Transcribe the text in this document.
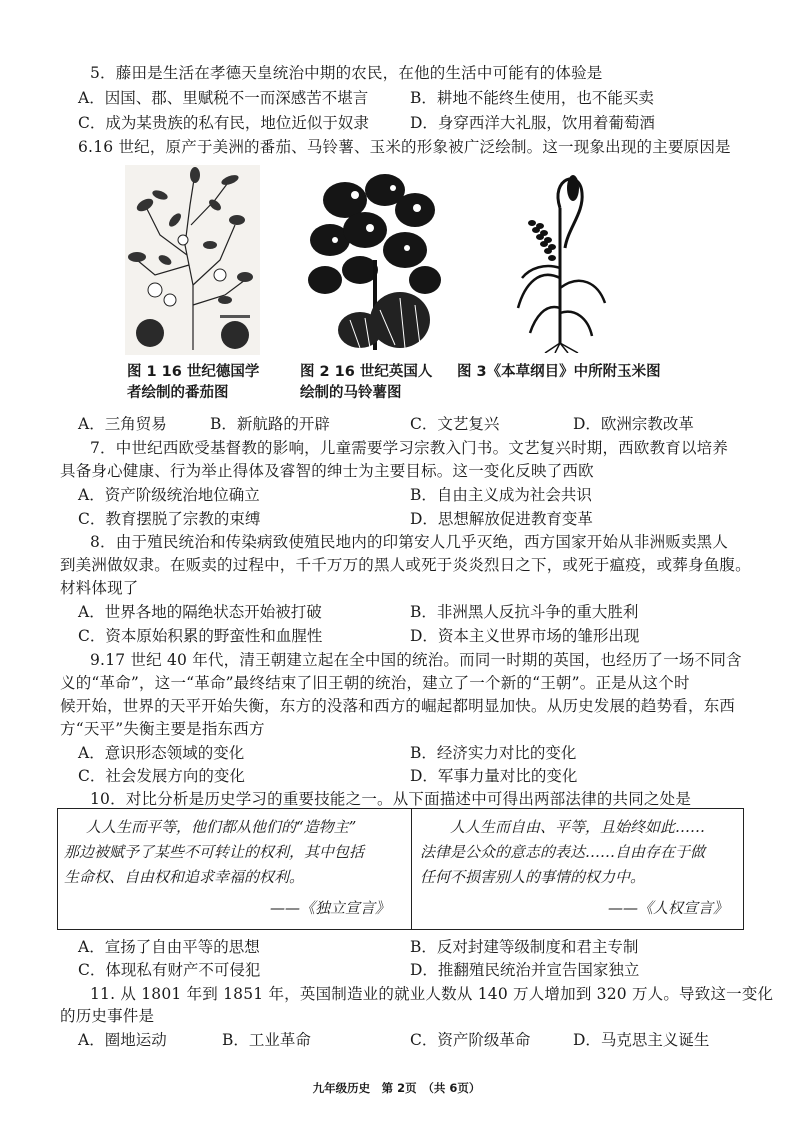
5．藤田是生活在孝德天皇统治中期的农民，在他的生活中可能有的体验是
A．因国、郡、里赋税不一而深感苦不堪言	B．耕地不能终生使用，也不能买卖
C．成为某贵族的私有民，地位近似于奴隶	D．身穿西洋大礼服，饮用着葡萄酒
6.16 世纪，原产于美洲的番茄、马铃薯、玉米的形象被广泛绘制。这一现象出现的主要原因是
图 1 16 世纪德国学
者绘制的番茄图
图 2 16 世纪英国人
绘制的马铃薯图
图 3《本草纲目》中所附玉米图
A．三角贸易	B．新航路的开辟	C．文艺复兴	D．欧洲宗教改革
7．中世纪西欧受基督教的影响，儿童需要学习宗教入门书。文艺复兴时期，西欧教育以培养
具备身心健康、行为举止得体及睿智的绅士为主要目标。这一变化反映了西欧
A．资产阶级统治地位确立	B．自由主义成为社会共识
C．教育摆脱了宗教的束缚	D．思想解放促进教育变革
8．由于殖民统治和传染病致使殖民地内的印第安人几乎灭绝，西方国家开始从非洲贩卖黑人
到美洲做奴隶。在贩卖的过程中，千千万万的黑人或死于炎炎烈日之下，或死于瘟疫，或葬身鱼腹。
材料体现了
A．世界各地的隔绝状态开始被打破	B．非洲黑人反抗斗争的重大胜利
C．资本原始积累的野蛮性和血腥性	D．资本主义世界市场的雏形出现
9.17 世纪 40 年代，清王朝建立起在全中国的统治。而同一时期的英国，也经历了一场不同含
义的“革命”，这一“革命”最终结束了旧王朝的统治，建立了一个新的“王朝”。正是从这个时
候开始，世界的天平开始失衡，东方的没落和西方的崛起都明显加快。从历史发展的趋势看，东西
方“天平”失衡主要是指东西方
A．意识形态领域的变化	B．经济实力对比的变化
C．社会发展方向的变化	D．军事力量对比的变化
10．对比分析是历史学习的重要技能之一。从下面描述中可得出两部法律的共同之处是
人人生而平等，他们都从他们的“造物主”
那边被赋予了某些不可转让的权利，其中包括
生命权、自由权和追求幸福的权利。
——《独立宣言》
人人生而自由、平等，且始终如此……
法律是公众的意志的表达……自由存在于做
任何不损害别人的事情的权力中。
——《人权宣言》
A．宣扬了自由平等的思想	B．反对封建等级制度和君主专制
C．体现私有财产不可侵犯	D．推翻殖民统治并宣告国家独立
11. 从 1801 年到 1851 年，英国制造业的就业人数从 140 万人增加到 320 万人。导致这一变化
的历史事件是
A．圈地运动	B．工业革命	C．资产阶级革命	D．马克思主义诞生
九年级历史　第 2页　（共 6页）
